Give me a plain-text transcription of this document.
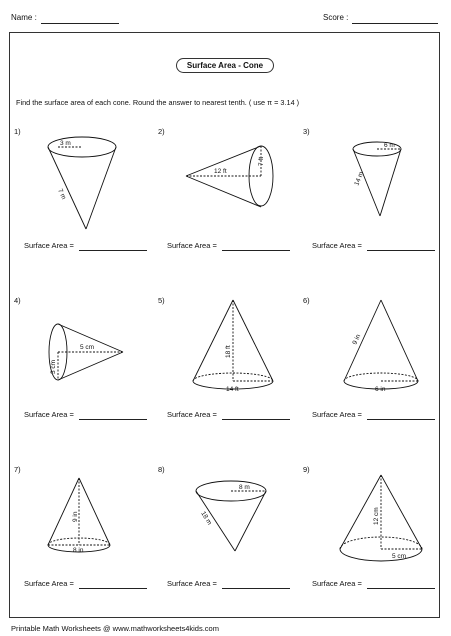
Name :	Score :
Surface Area - Cone
Find the surface area of each cone. Round the answer to nearest tenth. ( use π = 3.14 )
1)	2)	3)
4)	5)	6)
7)	8)	9)
3 m
7 m
12 ft
7 ft
6 m
14 m
5 cm
3 cm
18 ft
14 ft
9 in
6 in
9 in
8 in
8 m
18 m	12 cm
5 cm
Surface Area =	Surface Area =	Surface Area =
Surface Area =	Surface Area =	Surface Area =
Surface Area =	Surface Area =	Surface Area =
Printable Math Worksheets @ www.mathworksheets4kids.com
